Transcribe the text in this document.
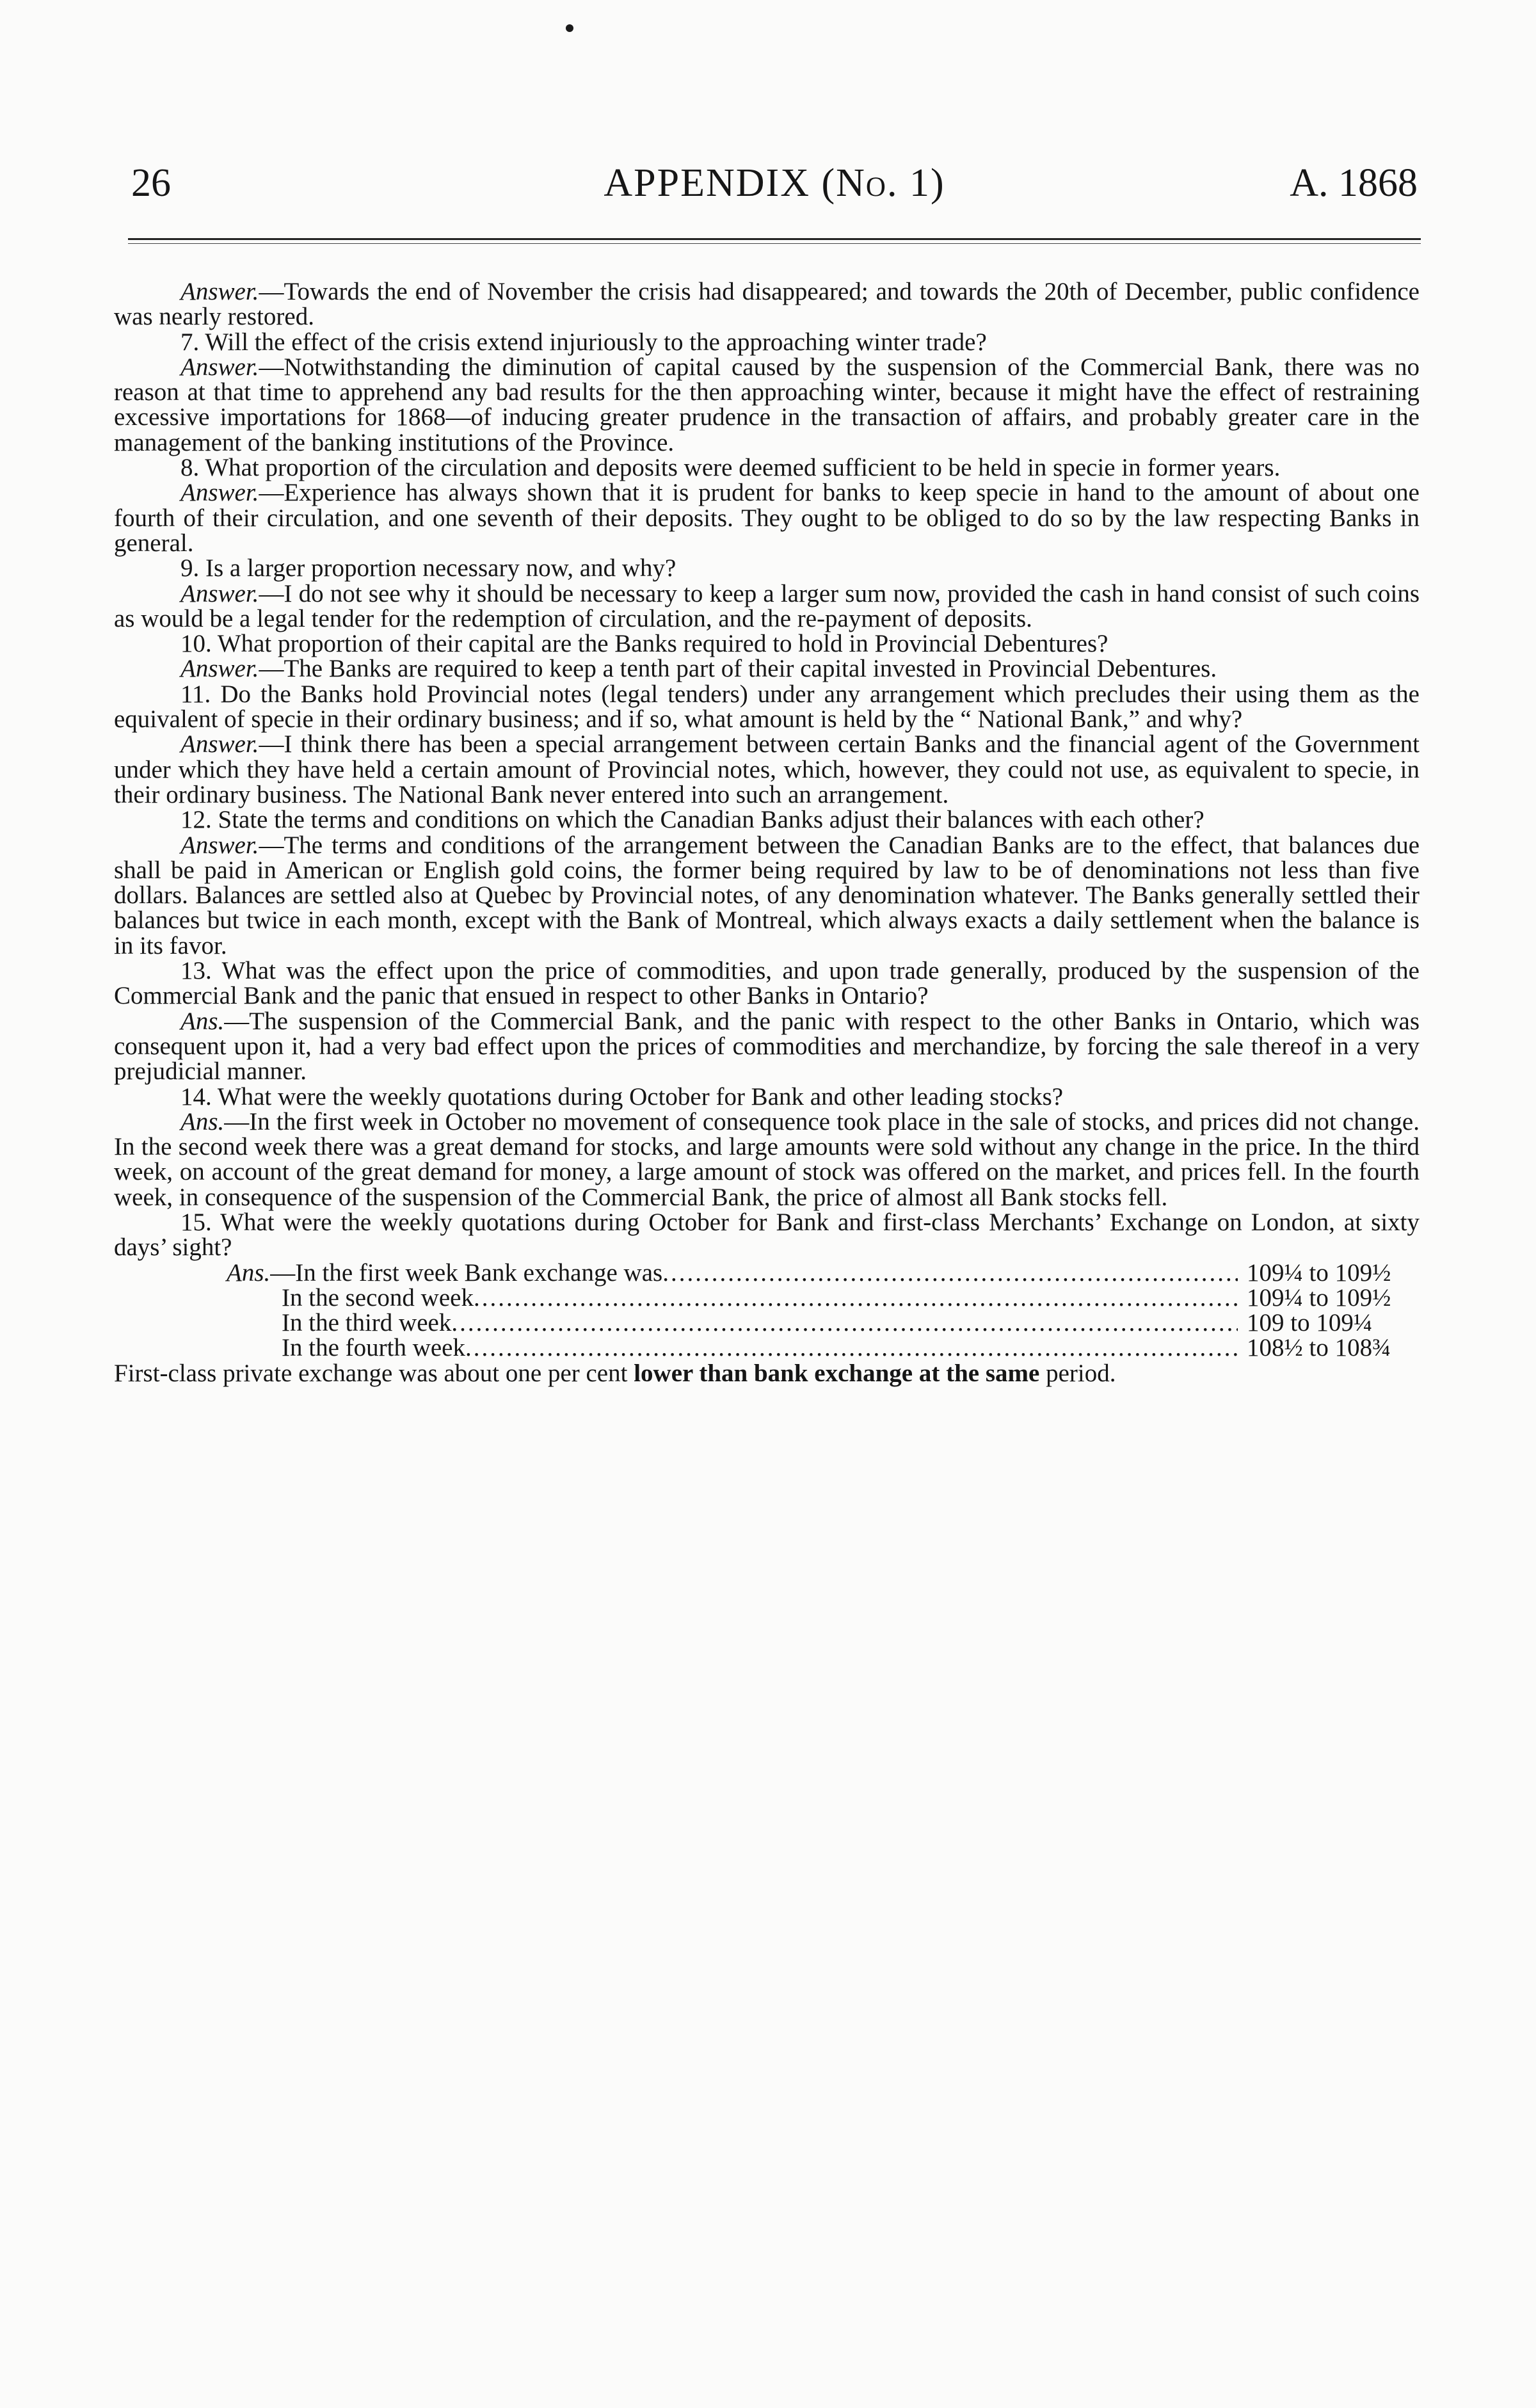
26	APPENDIX (No. 1)	A. 1868

Answer.—Towards the end of November the crisis had disappeared; and towards the 20th of December, public confidence was nearly restored.

7. Will the effect of the crisis extend injuriously to the approaching winter trade?

Answer.—Notwithstanding the diminution of capital caused by the suspension of the Commercial Bank, there was no reason at that time to apprehend any bad results for the then approaching winter, because it might have the effect of restraining excessive importations for 1868—of inducing greater prudence in the transaction of affairs, and probably greater care in the management of the banking institutions of the Province.

8. What proportion of the circulation and deposits were deemed sufficient to be held in specie in former years.

Answer.—Experience has always shown that it is prudent for banks to keep specie in hand to the amount of about one fourth of their circulation, and one seventh of their deposits. They ought to be obliged to do so by the law respecting Banks in general.

9. Is a larger proportion necessary now, and why?

Answer.—I do not see why it should be necessary to keep a larger sum now, provided the cash in hand consist of such coins as would be a legal tender for the redemption of circulation, and the re-payment of deposits.

10. What proportion of their capital are the Banks required to hold in Provincial Debentures?

Answer.—The Banks are required to keep a tenth part of their capital invested in Provincial Debentures.

11. Do the Banks hold Provincial notes (legal tenders) under any arrangement which precludes their using them as the equivalent of specie in their ordinary business; and if so, what amount is held by the “ National Bank,” and why?

Answer.—I think there has been a special arrangement between certain Banks and the financial agent of the Government under which they have held a certain amount of Provincial notes, which, however, they could not use, as equivalent to specie, in their ordinary business. The National Bank never entered into such an arrangement.

12. State the terms and conditions on which the Canadian Banks adjust their balances with each other?

Answer.—The terms and conditions of the arrangement between the Canadian Banks are to the effect, that balances due shall be paid in American or English gold coins, the former being required by law to be of denominations not less than five dollars. Balances are settled also at Quebec by Provincial notes, of any denomination whatever. The Banks generally settled their balances but twice in each month, except with the Bank of Montreal, which always exacts a daily settlement when the balance is in its favor.

13. What was the effect upon the price of commodities, and upon trade generally, produced by the suspension of the Commercial Bank and the panic that ensued in respect to other Banks in Ontario?

Ans.—The suspension of the Commercial Bank, and the panic with respect to the other Banks in Ontario, which was consequent upon it, had a very bad effect upon the prices of commodities and merchandize, by forcing the sale thereof in a very prejudicial manner.

14. What were the weekly quotations during October for Bank and other leading stocks?

Ans.—In the first week in October no movement of consequence took place in the sale of stocks, and prices did not change. In the second week there was a great demand for stocks, and large amounts were sold without any change in the price. In the third week, on account of the great demand for money, a large amount of stock was offered on the market, and prices fell. In the fourth week, in consequence of the suspension of the Commercial Bank, the price of almost all Bank stocks fell.

15. What were the weekly quotations during October for Bank and first-class Merchants’ Exchange on London, at sixty days’ sight?

Ans.—In the first week Bank exchange was .....	109¼ to 109½
In the second week .....	109¼ to 109½
In the third week .....	109 to 109¼
In the fourth week .....	108½ to 108¾

First-class private exchange was about one per cent lower than bank exchange at the same period.
